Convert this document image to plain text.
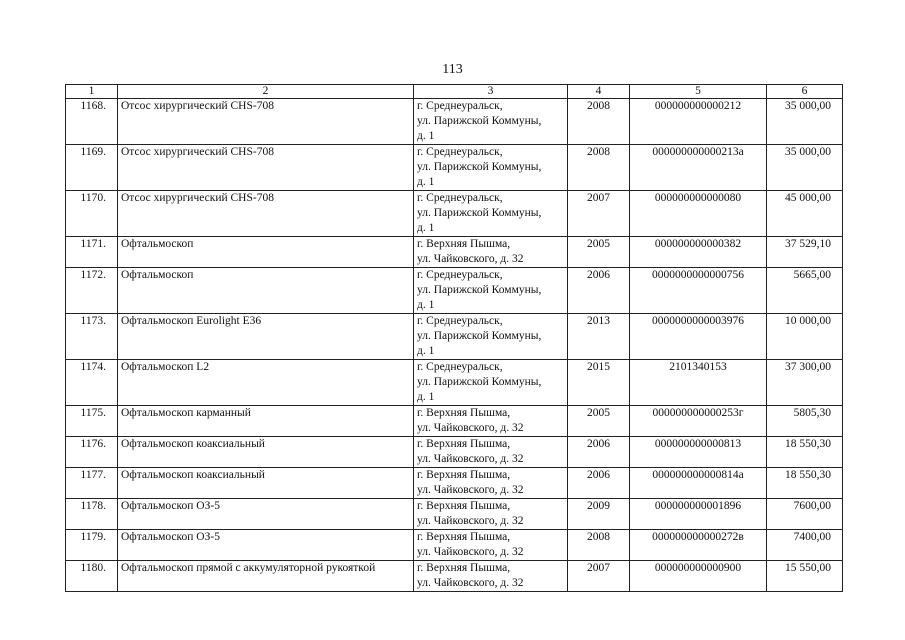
113
1	2	3	4	5	6
1168.	Отсос хирургический CHS-708	г. Среднеуральск,
ул. Парижской Коммуны,
д. 1	2008	000000000000212	35 000,00
1169.	Отсос хирургический CHS-708	г. Среднеуральск,
ул. Парижской Коммуны,
д. 1	2008	000000000000213а	35 000,00
1170.	Отсос хирургический CHS-708	г. Среднеуральск,
ул. Парижской Коммуны,
д. 1	2007	000000000000080	45 000,00
1171.	Офтальмоскоп	г. Верхняя Пышма,
ул. Чайковского, д. 32	2005	000000000000382	37 529,10
1172.	Офтальмоскоп	г. Среднеуральск,
ул. Парижской Коммуны,
д. 1	2006	0000000000000756	5665,00
1173.	Офтальмоскоп Eurolight E36	г. Среднеуральск,
ул. Парижской Коммуны,
д. 1	2013	0000000000003976	10 000,00
1174.	Офтальмоскоп L2	г. Среднеуральск,
ул. Парижской Коммуны,
д. 1	2015	2101340153	37 300,00
1175.	Офтальмоскоп карманный	г. Верхняя Пышма,
ул. Чайковского, д. 32	2005	000000000000253г	5805,30
1176.	Офтальмоскоп коаксиальный	г. Верхняя Пышма,
ул. Чайковского, д. 32	2006	000000000000813	18 550,30
1177.	Офтальмоскоп коаксиальный	г. Верхняя Пышма,
ул. Чайковского, д. 32	2006	000000000000814а	18 550,30
1178.	Офтальмоскоп ОЗ-5	г. Верхняя Пышма,
ул. Чайковского, д. 32	2009	000000000001896	7600,00
1179.	Офтальмоскоп ОЗ-5	г. Верхняя Пышма,
ул. Чайковского, д. 32	2008	000000000000272в	7400,00
1180.	Офтальмоскоп прямой с аккумуляторной рукояткой	г. Верхняя Пышма,
ул. Чайковского, д. 32	2007	000000000000900	15 550,00
